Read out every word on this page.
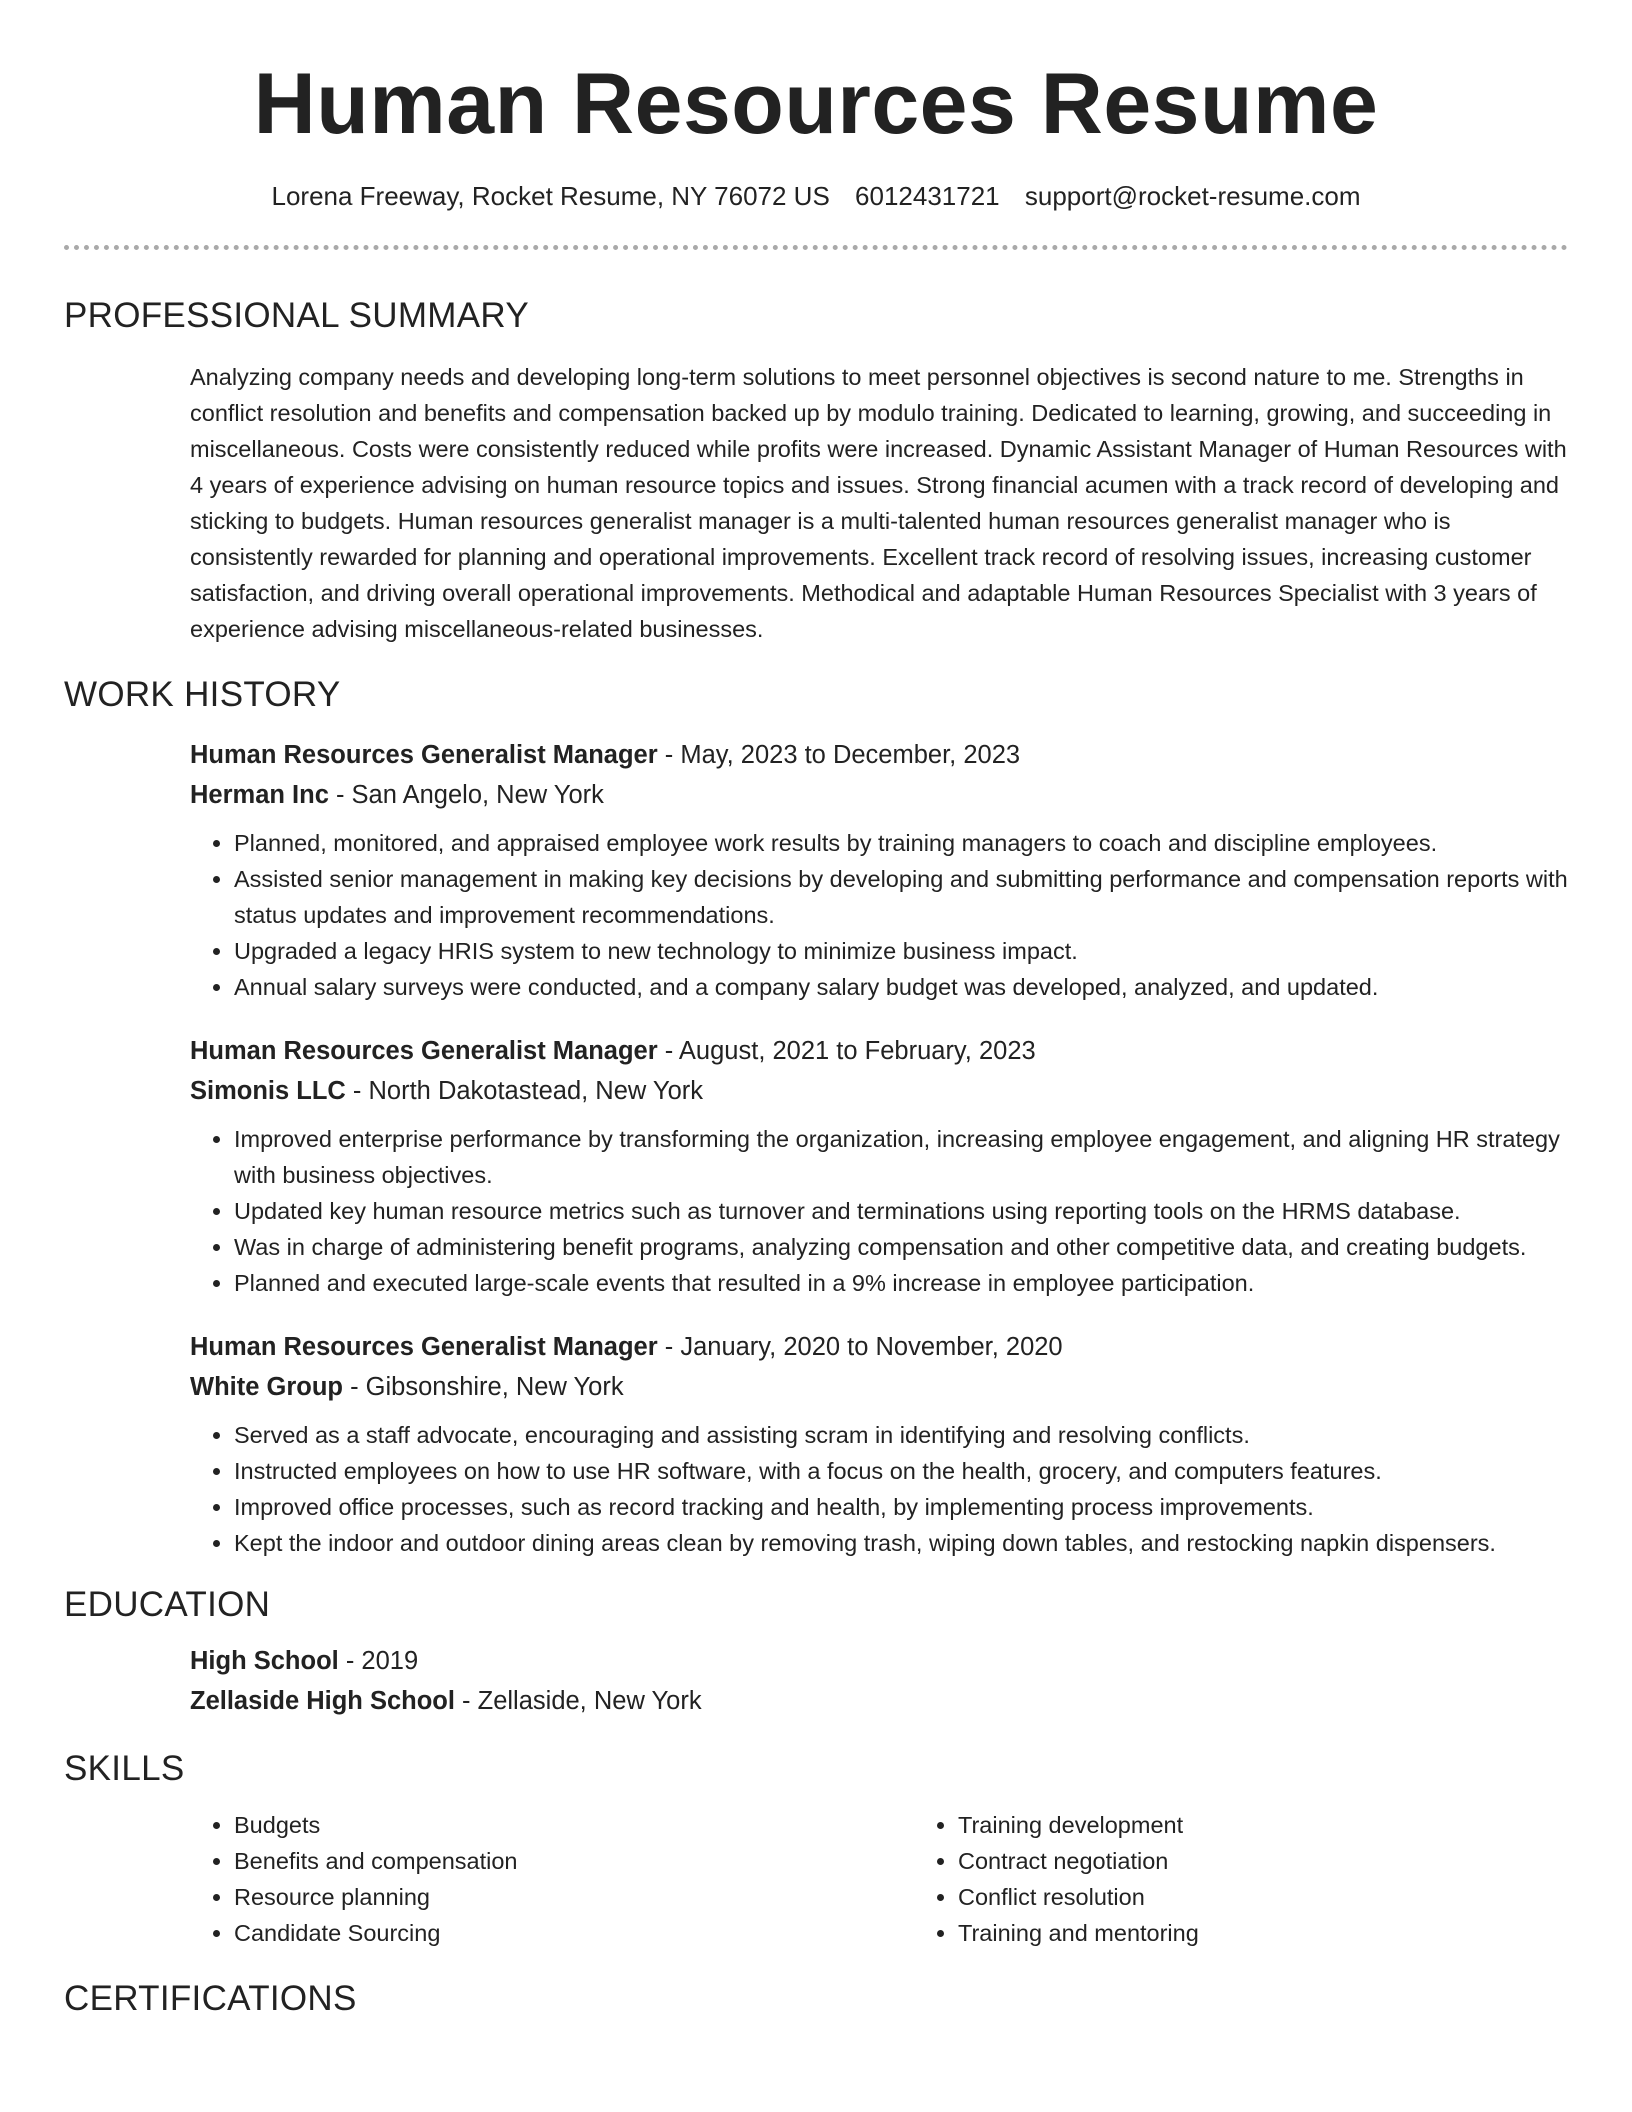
Human Resources Resume
Lorena Freeway, Rocket Resume, NY 76072 US 6012431721 support@rocket-resume.com
PROFESSIONAL SUMMARY

Analyzing company needs and developing long-term solutions to meet personnel objectives is second nature to me. Strengths in conflict resolution and benefits and compensation backed up by modulo training. Dedicated to learning, growing, and succeeding in miscellaneous. Costs were consistently reduced while profits were increased. Dynamic Assistant Manager of Human Resources with 4 years of experience advising on human resource topics and issues. Strong financial acumen with a track record of developing and sticking to budgets. Human resources generalist manager is a multi-talented human resources generalist manager who is consistently rewarded for planning and operational improvements. Excellent track record of resolving issues, increasing customer satisfaction, and driving overall operational improvements. Methodical and adaptable Human Resources Specialist with 3 years of experience advising miscellaneous-related businesses.

WORK HISTORY
Human Resources Generalist Manager - May, 2023 to December, 2023
Herman Inc - San Angelo, New York
• Planned, monitored, and appraised employee work results by training managers to coach and discipline employees.
• Assisted senior management in making key decisions by developing and submitting performance and compensation reports with status updates and improvement recommendations.
• Upgraded a legacy HRIS system to new technology to minimize business impact.
• Annual salary surveys were conducted, and a company salary budget was developed, analyzed, and updated.
Human Resources Generalist Manager - August, 2021 to February, 2023
Simonis LLC - North Dakotastead, New York
• Improved enterprise performance by transforming the organization, increasing employee engagement, and aligning HR strategy with business objectives.
• Updated key human resource metrics such as turnover and terminations using reporting tools on the HRMS database.
• Was in charge of administering benefit programs, analyzing compensation and other competitive data, and creating budgets.
• Planned and executed large-scale events that resulted in a 9% increase in employee participation.
Human Resources Generalist Manager - January, 2020 to November, 2020
White Group - Gibsonshire, New York
• Served as a staff advocate, encouraging and assisting scram in identifying and resolving conflicts.
• Instructed employees on how to use HR software, with a focus on the health, grocery, and computers features.
• Improved office processes, such as record tracking and health, by implementing process improvements.
• Kept the indoor and outdoor dining areas clean by removing trash, wiping down tables, and restocking napkin dispensers.
EDUCATION
High School - 2019
Zellaside High School - Zellaside, New York
SKILLS
• Budgets
• Benefits and compensation
• Resource planning
• Candidate Sourcing
• Training development
• Contract negotiation
• Conflict resolution
• Training and mentoring
CERTIFICATIONS
